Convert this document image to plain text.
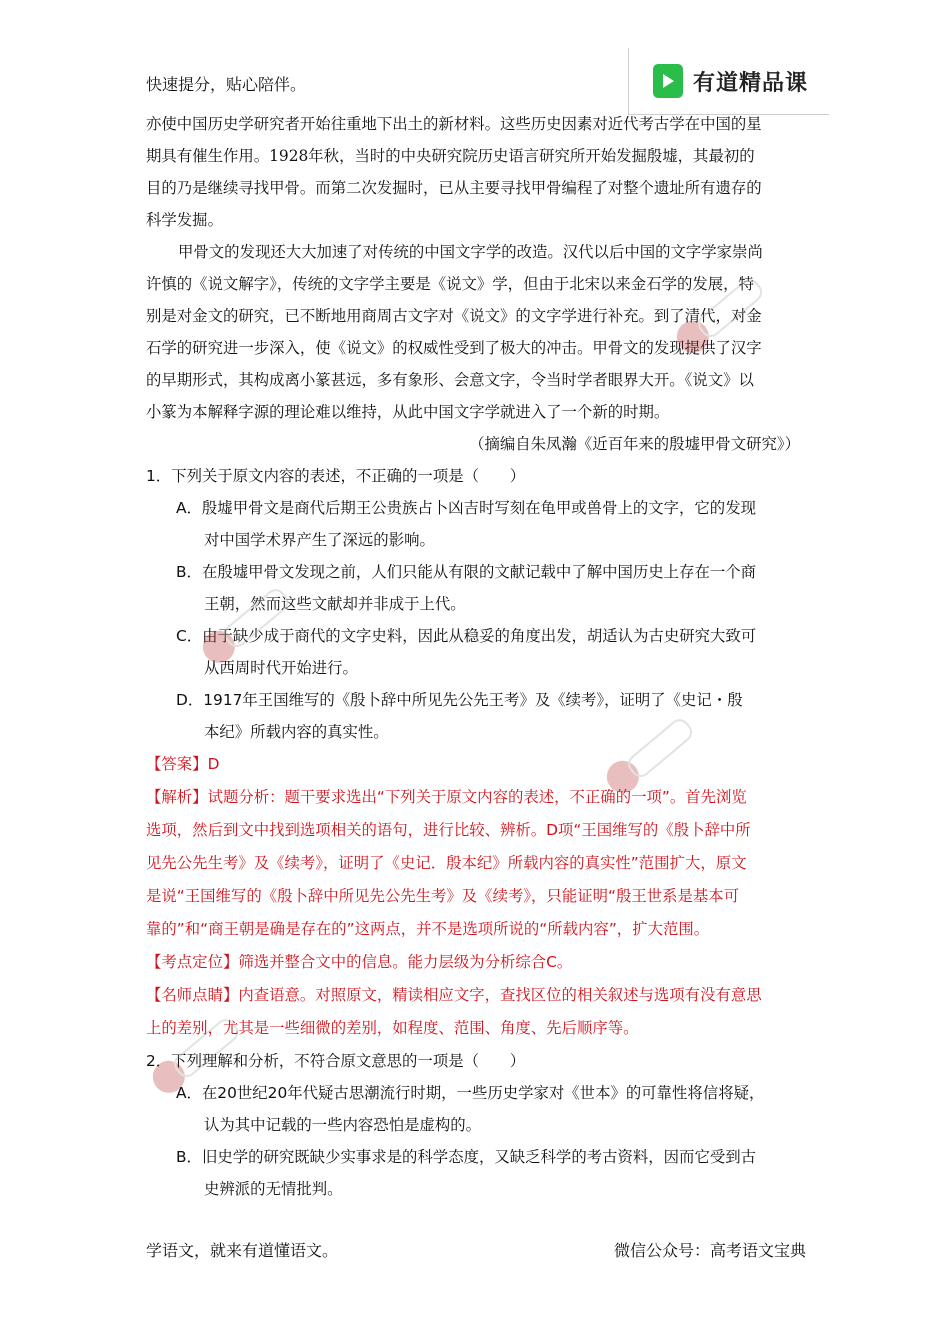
快速提分，贴心陪伴。	有道精品课
亦使中国历史学研究者开始往重地下出土的新材料。这些历史因素对近代考古学在中国的星
期具有催生作用。1928年秋，当时的中央研究院历史语言研究所开始发掘殷墟，其最初的
目的乃是继续寻找甲骨。而第二次发掘时，已从主要寻找甲骨编程了对整个遗址所有遗存的
科学发掘。
甲骨文的发现还大大加速了对传统的中国文字学的改造。汉代以后中国的文字学家崇尚
许慎的《说文解字》，传统的文字学主要是《说文》学，但由于北宋以来金石学的发展，特
别是对金文的研究，已不断地用商周古文字对《说文》的文字学进行补充。到了清代，对金
石学的研究进一步深入，使《说文》的权威性受到了极大的冲击。甲骨文的发现提供了汉字
的早期形式，其构成离小篆甚远，多有象形、会意文字，令当时学者眼界大开。《说文》以
小篆为本解释字源的理论难以维持，从此中国文字学就进入了一个新的时期。
（摘编自朱凤瀚《近百年来的殷墟甲骨文研究》）
1．下列关于原文内容的表述，不正确的一项是（　　）
A．殷墟甲骨文是商代后期王公贵族占卜凶吉时写刻在龟甲或兽骨上的文字，它的发现
对中国学术界产生了深远的影响。
B．在殷墟甲骨文发现之前，人们只能从有限的文献记载中了解中国历史上存在一个商
王朝，然而这些文献却并非成于上代。
C．由于缺少成于商代的文字史料，因此从稳妥的角度出发，胡适认为古史研究大致可
从西周时代开始进行。
D．1917年王国维写的《殷卜辞中所见先公先王考》及《续考》，证明了《史记・殷
本纪》所载内容的真实性。
【答案】D
【解析】试题分析：题干要求选出“下列关于原文内容的表述，不正确的一项”。首先浏览
选项，然后到文中找到选项相关的语句，进行比较、辨析。D项“王国维写的《殷卜辞中所
见先公先生考》及《续考》，证明了《史记．殷本纪》所载内容的真实性”范围扩大，原文
是说“王国维写的《殷卜辞中所见先公先生考》及《续考》，只能证明“殷王世系是基本可
靠的”和“商王朝是确是存在的”这两点，并不是选项所说的“所载内容”，扩大范围。
【考点定位】筛选并整合文中的信息。能力层级为分析综合C。
【名师点睛】内查语意。对照原文，精读相应文字，查找区位的相关叙述与选项有没有意思
上的差别，尤其是一些细微的差别，如程度、范围、角度、先后顺序等。
2．下列理解和分析，不符合原文意思的一项是（　　）
A．在20世纪20年代疑古思潮流行时期，一些历史学家对《世本》的可靠性将信将疑，
认为其中记载的一些内容恐怕是虚构的。
B．旧史学的研究既缺少实事求是的科学态度，又缺乏科学的考古资料，因而它受到古
史辨派的无情批判。
学语文，就来有道懂语文。	微信公众号：高考语文宝典
